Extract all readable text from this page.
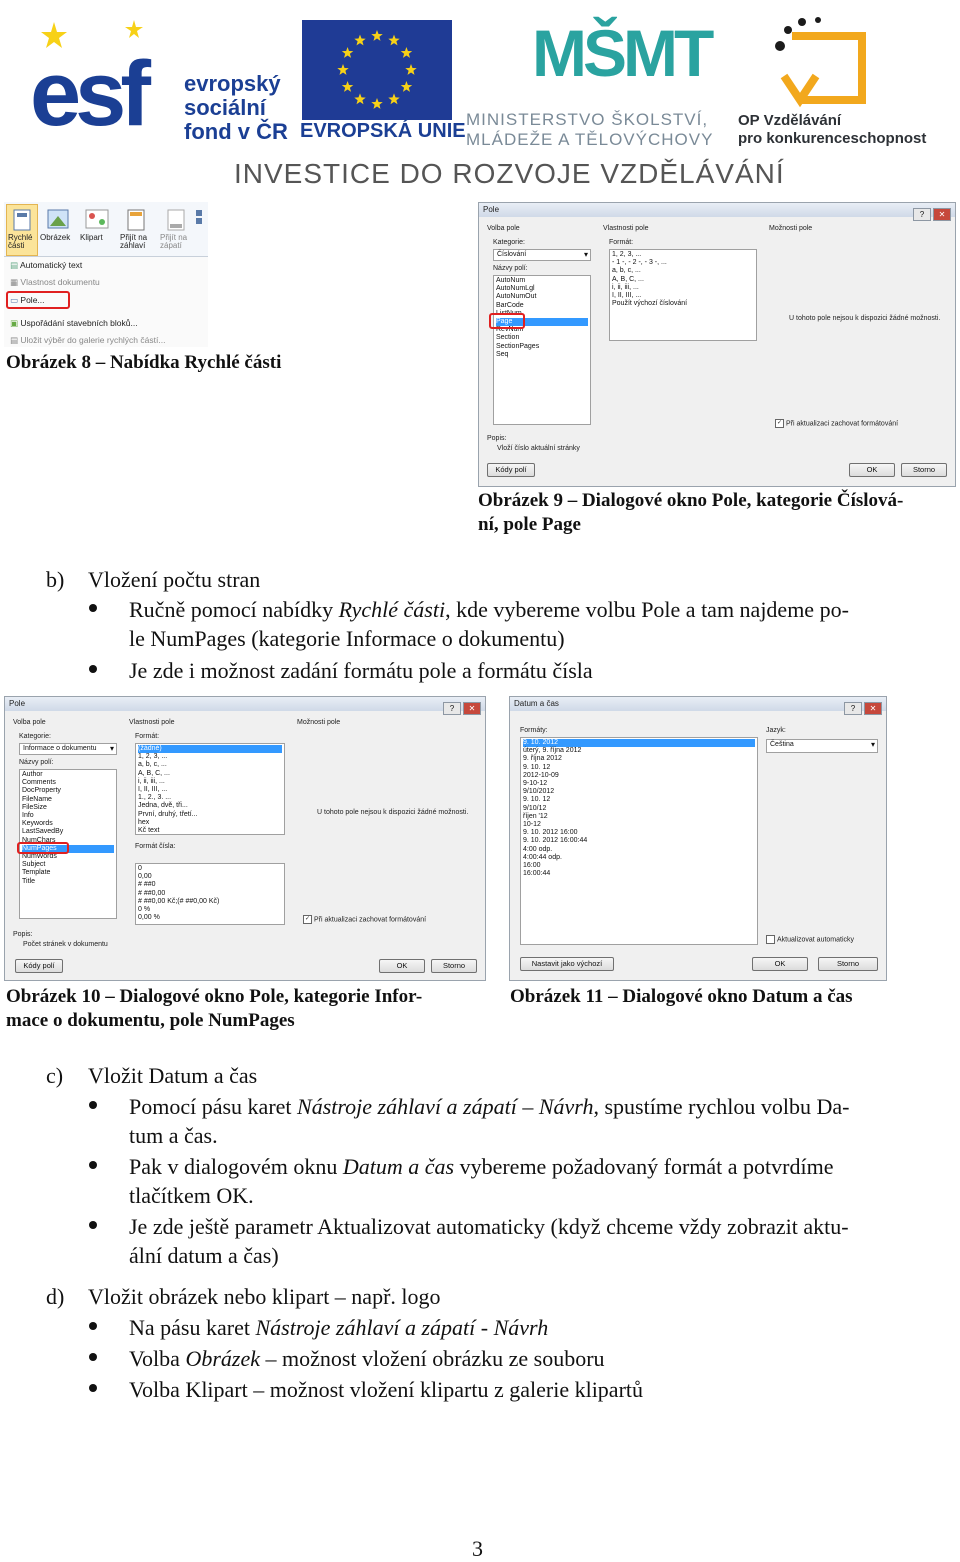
esf evropský
sociální
fond v ČR EVROPSKÁ UNIE
MŠMT
MINISTERSTVO ŠKOLSTVÍ,
MLÁDEŽE A TĚLOVÝCHOVY
OP Vzdělávání
pro konkurenceschopnost
INVESTICE DO ROZVOJE VZDĚLÁVÁNÍ
Rychlé části
Obrázek Klipart Přijít na záhlaví
Přijít na zápatí
▤ Automatický text
▦ Vlastnost dokumentu
▭ Pole...
▣ Uspořádání stavebních bloků...
▤ Uložit výběr do galerie rychlých částí...
Obrázek 8 – Nabídka Rychlé části
Pole
? ✕
Volba pole
Kategorie:
Číslování ▾
Názvy polí:
AutoNum
AutoNumLgl
AutoNumOut
BarCode
ListNum
Page
RevNum
Section
SectionPages
Seq
Vlastnosti pole
Formát:
1, 2, 3, ...
- 1 -, - 2 -, - 3 -, ...
a, b, c, ...
A, B, C, ...
i, ii, iii, ...
I, II, III, ...
Použít výchozí číslování
Možnosti pole
U tohoto pole nejsou k dispozici žádné možnosti.
✓ Při aktualizaci zachovat formátování
Popis:
Vloží číslo aktuální stránky
Kódy polí	OK	Storno
Obrázek 9 – Dialogové okno Pole, kategorie Číslová-
ní, pole Page
b) Vložení počtu stran
Ručně pomocí nabídky Rychlé části, kde vybereme volbu Pole a tam najdeme po-
le NumPages (kategorie Informace o dokumentu)
Je zde i možnost zadání formátu pole a formátu čísla
Pole
? ✕
Volba pole
Kategorie:
Informace o dokumentu ▾
Názvy polí:
Author
Comments
DocProperty
FileName
FileSize
Info
Keywords
LastSavedBy
NumChars
NumPages
NumWords
Subject
Template
Title
Vlastnosti pole
Formát:
(žádné)
1, 2, 3, ...
a, b, c, ...
A, B, C, ...
i, ii, iii, ...
I, II, III, ...
1., 2., 3. ...
Jedna, dvě, tři...
První, druhý, třetí...
hex
Kč text
Formát čísla:
0
0,00
# ##0
# ##0,00
# ##0,00 Kč;(# ##0,00 Kč)
0 %
0,00 %
Možnosti pole
U tohoto pole nejsou k dispozici žádné možnosti.
✓ Při aktualizaci zachovat formátování
Popis:
Počet stránek v dokumentu
Kódy polí	OK	Storno
Obrázek 10 – Dialogové okno Pole, kategorie Infor-
mace o dokumentu, pole NumPages
Datum a čas
? ✕
Formáty:
9. 10. 2012
úterý, 9. října 2012
9. října 2012
9. 10. 12
2012-10-09
9-10-12
9/10/2012
9. 10. 12
9/10/12
říjen '12
10-12
9. 10. 2012 16:00
9. 10. 2012 16:00:44
4:00 odp.
4:00:44 odp.
16:00
16:00:44
Jazyk:
Čeština ▾
Aktualizovat automaticky
Nastavit jako výchozí	OK	Storno
Obrázek 11 – Dialogové okno Datum a čas
c) Vložit Datum a čas
Pomocí pásu karet Nástroje záhlaví a zápatí – Návrh, spustíme rychlou volbu Da-
tum a čas.
Pak v dialogovém oknu Datum a čas vybereme požadovaný formát a potvrdíme
tlačítkem OK.
Je zde ještě parametr Aktualizovat automaticky (když chceme vždy zobrazit aktu-
ální datum a čas)
d) Vložit obrázek nebo klipart – např. logo
Na pásu karet Nástroje záhlaví a zápatí - Návrh
Volba Obrázek – možnost vložení obrázku ze souboru
Volba Klipart – možnost vložení klipartu z galerie klipartů
3
